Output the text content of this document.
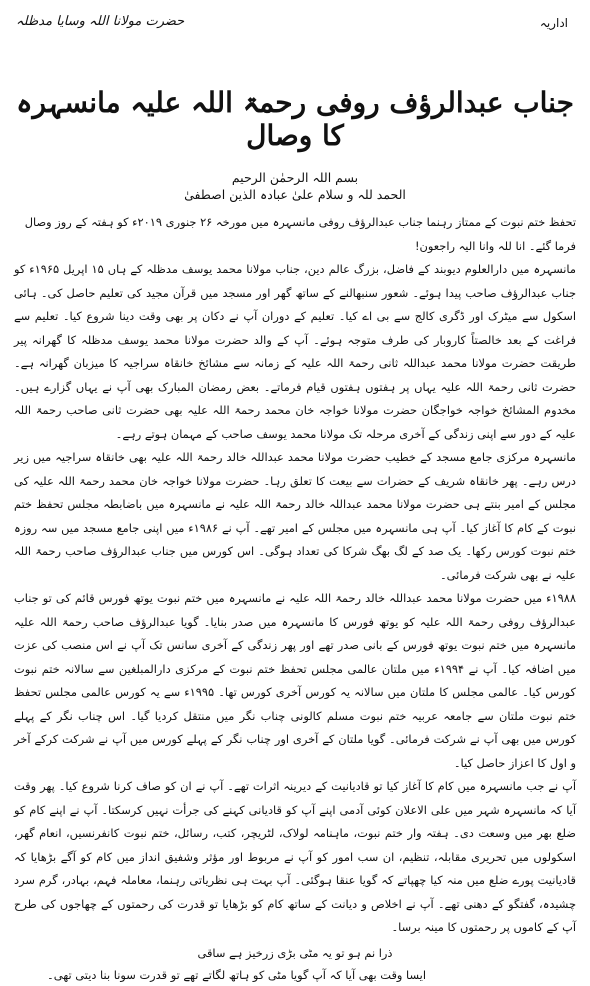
اداریہ
حضرت مولانا اللہ وسایا مدظلہ
جناب عبدالرؤف روفی رحمۃ اللہ علیہ مانسہرہ کا وصال
بسم اللہ الرحمٰن الرحیم
الحمد للہ و سلام علیٰ عبادہ الذین اصطفیٰ
تحفظ ختم نبوت کے ممتاز رہنما جناب عبدالرؤف روفی مانسہرہ میں مورخہ ۲۶ جنوری ۲۰۱۹ء کو ہفتہ کے روز وصال فرما گئے۔ انا للہ وانا الیہ راجعون!

مانسہرہ میں دارالعلوم دیوبند کے فاضل، بزرگ عالم دین، جناب مولانا محمد یوسف مدظلہ کے ہاں ۱۵ اپریل ۱۹۶۵ء کو جناب عبدالرؤف صاحب پیدا ہوئے۔ شعور سنبھالنے کے ساتھ گھر اور مسجد میں قرآن مجید کی تعلیم حاصل کی۔ ہائی اسکول سے میٹرک اور ڈگری کالج سے بی اے کیا۔ تعلیم کے دوران آپ نے دکان پر بھی وقت دینا شروع کیا۔ تعلیم سے فراغت کے بعد خالصتاً کاروبار کی طرف متوجہ ہوئے۔ آپ کے والد حضرت مولانا محمد یوسف مدظلہ کا گھرانہ پیر طریقت حضرت مولانا محمد عبداللہ ثانی رحمۃ اللہ علیہ کے زمانہ سے مشائخ خانقاہ سراجیہ کا میزبان گھرانہ ہے۔ حضرت ثانی رحمۃ اللہ علیہ یہاں پر ہفتوں ہفتوں قیام فرماتے۔ بعض رمضان المبارک بھی آپ نے یہاں گزارے ہیں۔ مخدوم المشائخ خواجہ خواجگان حضرت مولانا خواجہ خان محمد رحمۃ اللہ علیہ بھی حضرت ثانی صاحب رحمۃ اللہ علیہ کے دور سے اپنی زندگی کے آخری مرحلہ تک مولانا محمد یوسف صاحب کے مہمان ہوتے رہے۔

مانسہرہ مرکزی جامع مسجد کے خطیب حضرت مولانا محمد عبداللہ خالد رحمۃ اللہ علیہ بھی خانقاہ سراجیہ میں زیر درس رہے۔ پھر خانقاہ شریف کے حضرات سے بیعت کا تعلق رہا۔ حضرت مولانا خواجہ خان محمد رحمۃ اللہ علیہ کی مجلس کے امیر بنتے ہی حضرت مولانا محمد عبداللہ خالد رحمۃ اللہ علیہ نے مانسہرہ میں باضابطہ مجلس تحفظ ختم نبوت کے کام کا آغاز کیا۔ آپ ہی مانسہرہ میں مجلس کے امیر تھے۔ آپ نے ۱۹۸۶ء میں اپنی جامع مسجد میں سہ روزہ ختم نبوت کورس رکھا۔ یک صد کے لگ بھگ شرکا کی تعداد ہوگی۔ اس کورس میں جناب عبدالرؤف صاحب رحمۃ اللہ علیہ نے بھی شرکت فرمائی۔

۱۹۸۸ء میں حضرت مولانا محمد عبداللہ خالد رحمۃ اللہ علیہ نے مانسہرہ میں ختم نبوت یوتھ فورس قائم کی تو جناب عبدالرؤف روفی رحمۃ اللہ علیہ کو یوتھ فورس کا مانسہرہ میں صدر بنایا۔ گویا عبدالرؤف صاحب رحمۃ اللہ علیہ مانسہرہ میں ختم نبوت یوتھ فورس کے بانی صدر تھے اور پھر زندگی کے آخری سانس تک آپ نے اس منصب کی عزت میں اضافہ کیا۔ آپ نے ۱۹۹۴ء میں ملتان عالمی مجلس تحفظ ختم نبوت کے مرکزی دارالمبلغین سے سالانہ ختم نبوت کورس کیا۔ عالمی مجلس کا ملتان میں سالانہ یہ کورس آخری کورس تھا۔ ۱۹۹۵ء سے یہ کورس عالمی مجلس تحفظ ختم نبوت ملتان سے جامعہ عربیہ ختم نبوت مسلم کالونی چناب نگر میں منتقل کردیا گیا۔ اس چناب نگر کے پہلے کورس میں بھی آپ نے شرکت فرمائی۔ گویا ملتان کے آخری اور چناب نگر کے پہلے کورس میں آپ نے شرکت کرکے آخر و اول کا اعزاز حاصل کیا۔

آپ نے جب مانسہرہ میں کام کا آغاز کیا تو قادیانیت کے دیرینہ اثرات تھے۔ آپ نے ان کو صاف کرنا شروع کیا۔ پھر وقت آیا کہ مانسہرہ شہر میں علی الاعلان کوئی آدمی اپنے آپ کو قادیانی کہنے کی جرأت نہیں کرسکتا۔ آپ نے اپنے کام کو ضلع بھر میں وسعت دی۔ ہفتہ وار ختم نبوت، ماہنامہ لولاک، لٹریچر، کتب، رسائل، ختم نبوت کانفرنسیں، انعام گھر، اسکولوں میں تحریری مقابلہ، تنظیم، ان سب امور کو آپ نے مربوط اور مؤثر وشفیق انداز میں کام کو آگے بڑھایا کہ قادیانیت پورے ضلع میں منہ کیا چھپاتے کہ گویا عنقا ہوگئی۔ آپ بہت ہی نظریاتی رہنما، معاملہ فہم، بہادر، گرم سرد چشیدہ، گفتگو کے دھنی تھے۔ آپ نے اخلاص و دیانت کے ساتھ کام کو بڑھایا تو قدرت کی رحمتوں کے چھاجوں کی طرح آپ کے کاموں پر رحمتوں کا مینہ برسا۔

ذرا نم ہو تو یہ مٹی بڑی زرخیز ہے ساقی
ایسا وقت بھی آیا کہ آپ گویا مٹی کو ہاتھ لگاتے تھے تو قدرت سونا بنا دیتی تھی۔
